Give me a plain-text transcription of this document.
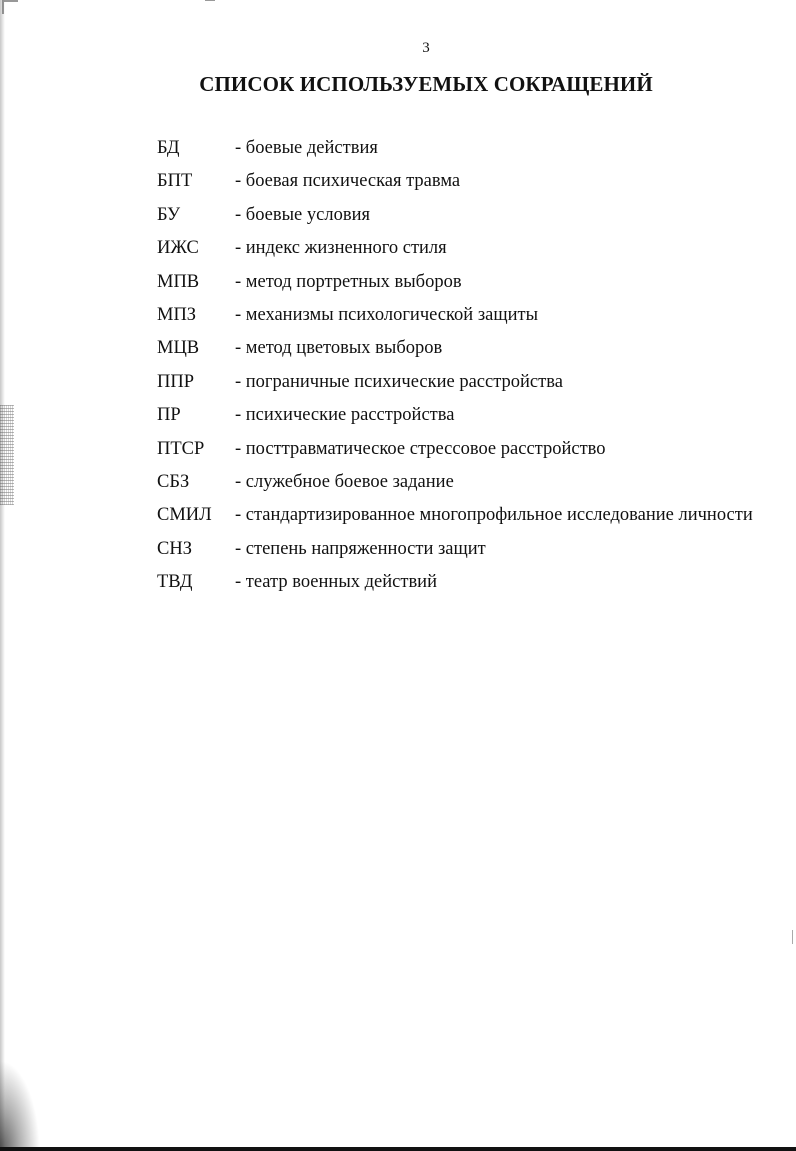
3
СПИСОК ИСПОЛЬЗУЕМЫХ СОКРАЩЕНИЙ
БД	- боевые действия
БПТ	- боевая психическая травма
БУ	- боевые условия
ИЖС	- индекс жизненного стиля
МПВ	- метод портретных выборов
МПЗ	- механизмы психологической защиты
МЦВ	- метод цветовых выборов
ППР	- пограничные психические расстройства
ПР	- психические расстройства
ПТСР	- посттравматическое стрессовое расстройство
СБЗ	- служебное боевое задание
СМИЛ	- стандартизированное многопрофильное исследование личности
СНЗ	- степень напряженности защит
ТВД	- театр военных действий
